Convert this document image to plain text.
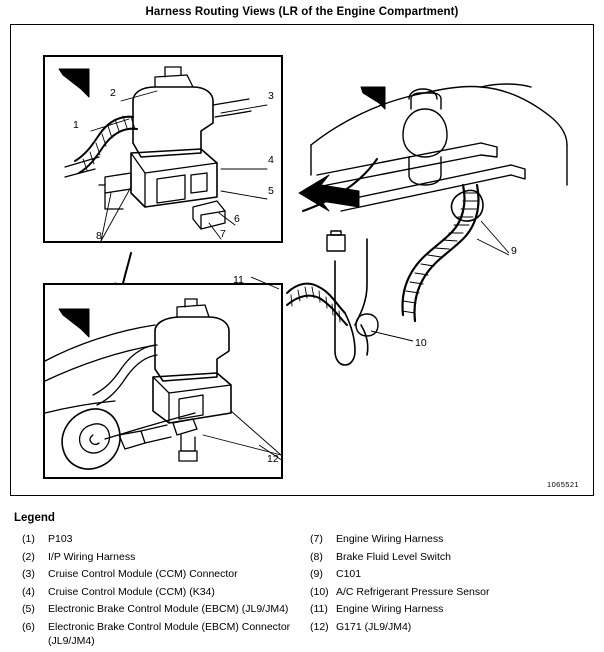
Harness Routing Views (LR of the Engine Compartment)
1
2	3
4
5
6
7
8
9
10
11
12
1065521
Legend
(1)	P103
(2)	I/P Wiring Harness
(3)	Cruise Control Module (CCM) Connector
(4)	Cruise Control Module (CCM) (K34)
(5)	Electronic Brake Control Module (EBCM) (JL9/JM4)
(6)	Electronic Brake Control Module (EBCM) Connector (JL9/JM4)
(7)	Engine Wiring Harness
(8)	Brake Fluid Level Switch
(9)	C101
(10) A/C Refrigerant Pressure Sensor
(11) Engine Wiring Harness
(12) G171 (JL9/JM4)
